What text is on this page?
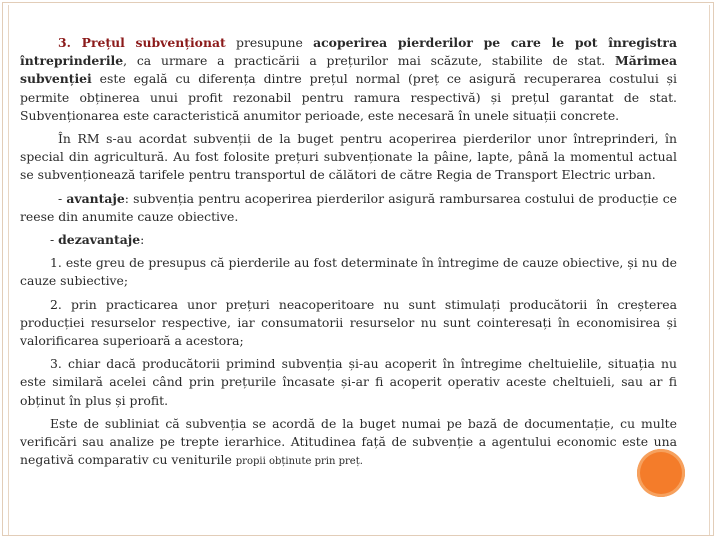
3. Prețul subvenționat presupune acoperirea pierderilor pe care le pot înregistra întreprinderile, ca urmare a practicării a prețurilor mai scăzute, stabilite de stat. Mărimea subvenției este egală cu diferența dintre prețul normal (preț ce asigură recuperarea costului și permite obținerea unui profit rezonabil pentru ramura respectivă) și prețul garantat de stat. Subvenționarea este caracteristică anumitor perioade, este necesară în unele situații concrete.

În RM s-au acordat subvenții de la buget pentru acoperirea pierderilor unor întreprinderi, în special din agricultură. Au fost folosite prețuri subvenționate la pâine, lapte, până la momentul actual se subvenționează tarifele pentru transportul de călători de către Regia de Transport Electric urban.

- avantaje: subvenția pentru acoperirea pierderilor asigură rambursarea costului de producție ce reese din anumite cauze obiective.

- dezavantaje:

1. este greu de presupus că pierderile au fost determinate în întregime de cauze obiective, și nu de cauze subiective;

2. prin practicarea unor prețuri neacoperitoare nu sunt stimulați producătorii în creșterea producției resurselor respective, iar consumatorii resurselor nu sunt cointeresați în economisirea și valorificarea superioară a acestora;

3. chiar dacă producătorii primind subvenția și-au acoperit în întregime cheltuielile, situația nu este similară acelei când prin prețurile încasate și-ar fi acoperit operativ aceste cheltuieli, sau ar fi obținut în plus și profit.

Este de subliniat că subvenția se acordă de la buget numai pe bază de documentație, cu multe verificări sau analize pe trepte ierarhice. Atitudinea față de subvenție a agentului economic este una negativă comparativ cu veniturile propii obținute prin preț.
